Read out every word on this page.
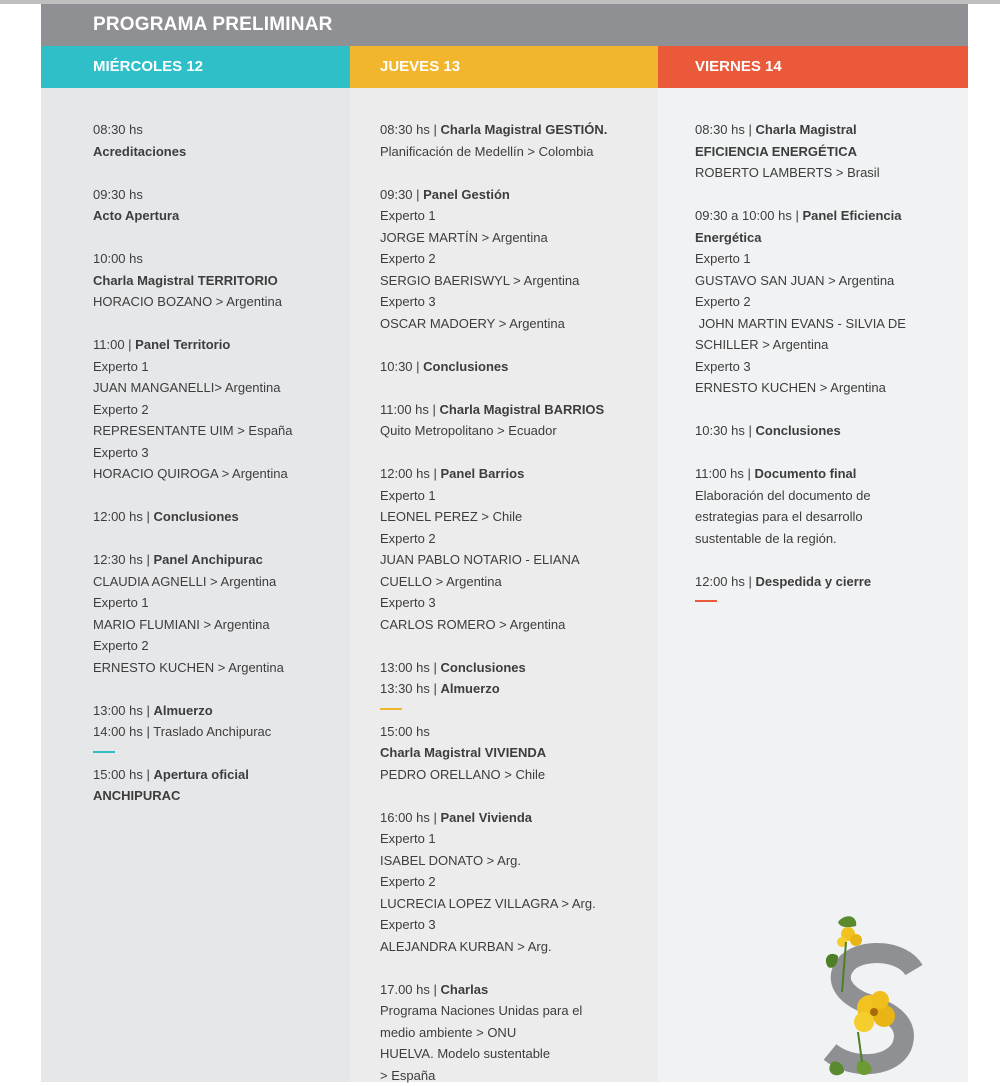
PROGRAMA PRELIMINAR
MIÉRCOLES 12
08:30 hs
Acreditaciones
09:30 hs
Acto Apertura
10:00 hs
Charla Magistral TERRITORIO
HORACIO BOZANO > Argentina
11:00 | Panel Territorio
Experto 1
JUAN MANGANELLI> Argentina
Experto 2
REPRESENTANTE UIM > España
Experto 3
HORACIO QUIROGA > Argentina
12:00 hs | Conclusiones
12:30 hs | Panel Anchipurac
CLAUDIA AGNELLI > Argentina
Experto 1
MARIO FLUMIANI > Argentina
Experto 2
ERNESTO KUCHEN > Argentina
13:00 hs | Almuerzo
14:00 hs | Traslado Anchipurac
15:00 hs | Apertura oficial
ANCHIPURAC
JUEVES 13
08:30 hs | Charla Magistral GESTIÓN.
Planificación de Medellín > Colombia
09:30 | Panel Gestión
Experto 1
JORGE MARTÍN > Argentina
Experto 2
SERGIO BAERISWYL > Argentina
Experto 3
OSCAR MADOERY > Argentina
10:30 | Conclusiones
11:00 hs | Charla Magistral BARRIOS
Quito Metropolitano > Ecuador
12:00 hs | Panel Barrios
Experto 1
LEONEL PEREZ > Chile
Experto 2
JUAN PABLO NOTARIO - ELIANA
CUELLO > Argentina
Experto 3
CARLOS ROMERO > Argentina
13:00 hs | Conclusiones
13:30 hs | Almuerzo
15:00 hs
Charla Magistral VIVIENDA
PEDRO ORELLANO > Chile
16:00 hs | Panel Vivienda
Experto 1
ISABEL DONATO > Arg.
Experto 2
LUCRECIA LOPEZ VILLAGRA > Arg.
Experto 3
ALEJANDRA KURBAN > Arg.
17.00 hs | Charlas
Programa Naciones Unidas para el
medio ambiente > ONU
HUELVA. Modelo sustentable
> España
VIERNES 14
08:30 hs | Charla Magistral
EFICIENCIA ENERGÉTICA
ROBERTO LAMBERTS > Brasil
09:30 a 10:00 hs | Panel Eficiencia
Energética
Experto 1
GUSTAVO SAN JUAN > Argentina
Experto 2
JOHN MARTIN EVANS - SILVIA DE
SCHILLER > Argentina
Experto 3
ERNESTO KUCHEN > Argentina
10:30 hs | Conclusiones
11:00 hs | Documento final
Elaboración del documento de
estrategias para el desarrollo
sustentable de la región.
12:00 hs | Despedida y cierre
